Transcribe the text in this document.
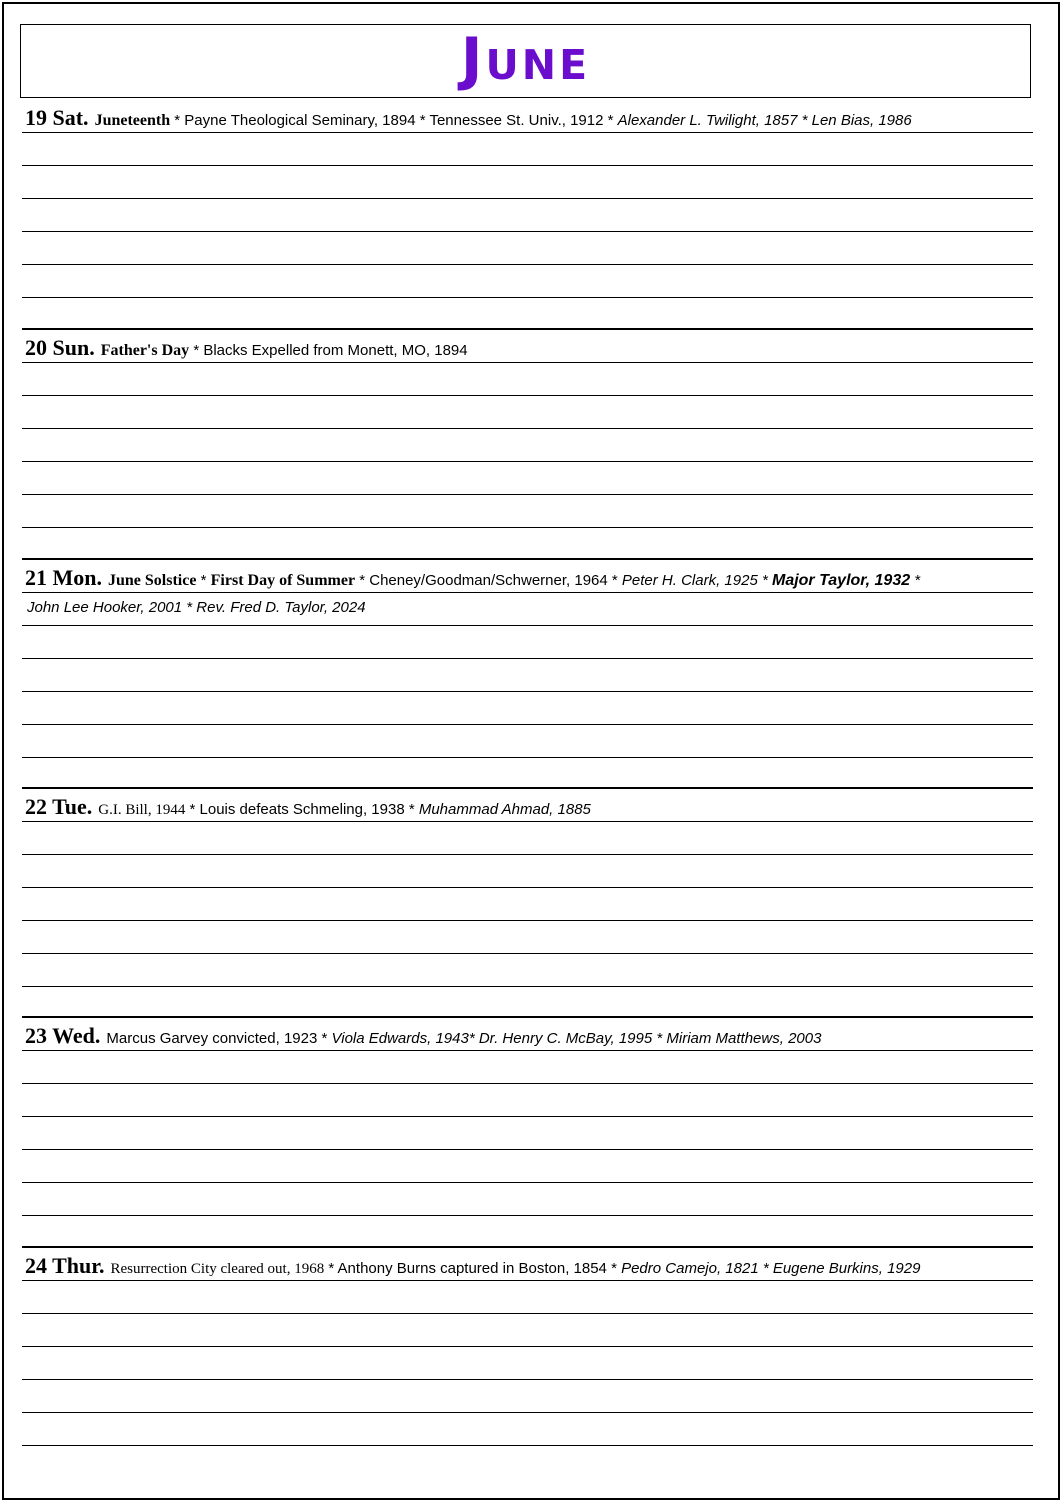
June
19 Sat. Juneteenth * Payne Theological Seminary, 1894 * Tennessee St. Univ., 1912 * Alexander L. Twilight, 1857 * Len Bias, 1986
20 Sun. Father's Day * Blacks Expelled from Monett, MO, 1894
21 Mon. June Solstice * First Day of Summer * Cheney/Goodman/Schwerner, 1964 * Peter H. Clark, 1925 * Major Taylor, 1932 *
John Lee Hooker, 2001 * Rev. Fred D. Taylor, 2024
22 Tue. G.I. Bill, 1944 * Louis defeats Schmeling, 1938 * Muhammad Ahmad, 1885
23 Wed. Marcus Garvey convicted, 1923 * Viola Edwards, 1943* Dr. Henry C. McBay, 1995 * Miriam Matthews, 2003
24 Thur. Resurrection City cleared out, 1968 * Anthony Burns captured in Boston, 1854 * Pedro Camejo, 1821 * Eugene Burkins, 1929
